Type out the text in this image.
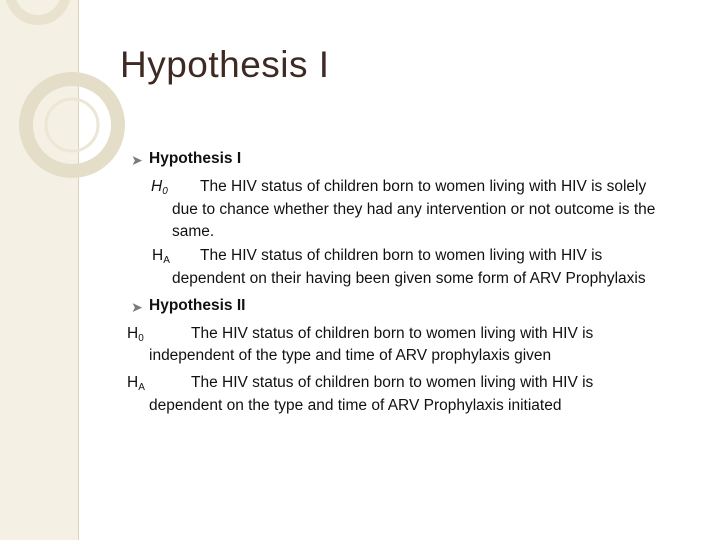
Hypothesis I
➤ Hypothesis I
$H_0$ The HIV status of children born to women living with HIV is solely
due to chance whether they had any intervention or not outcome is the
same.
$H_A$ The HIV status of children born to women living with HIV is
dependent on their having been given some form of ARV Prophylaxis
➤ Hypothesis II
$H_0$	The HIV status of children born to women living with HIV is
independent of the type and time of ARV prophylaxis given
$H_A$	The HIV status of children born to women living with HIV is
dependent on the type and time of ARV Prophylaxis initiated
